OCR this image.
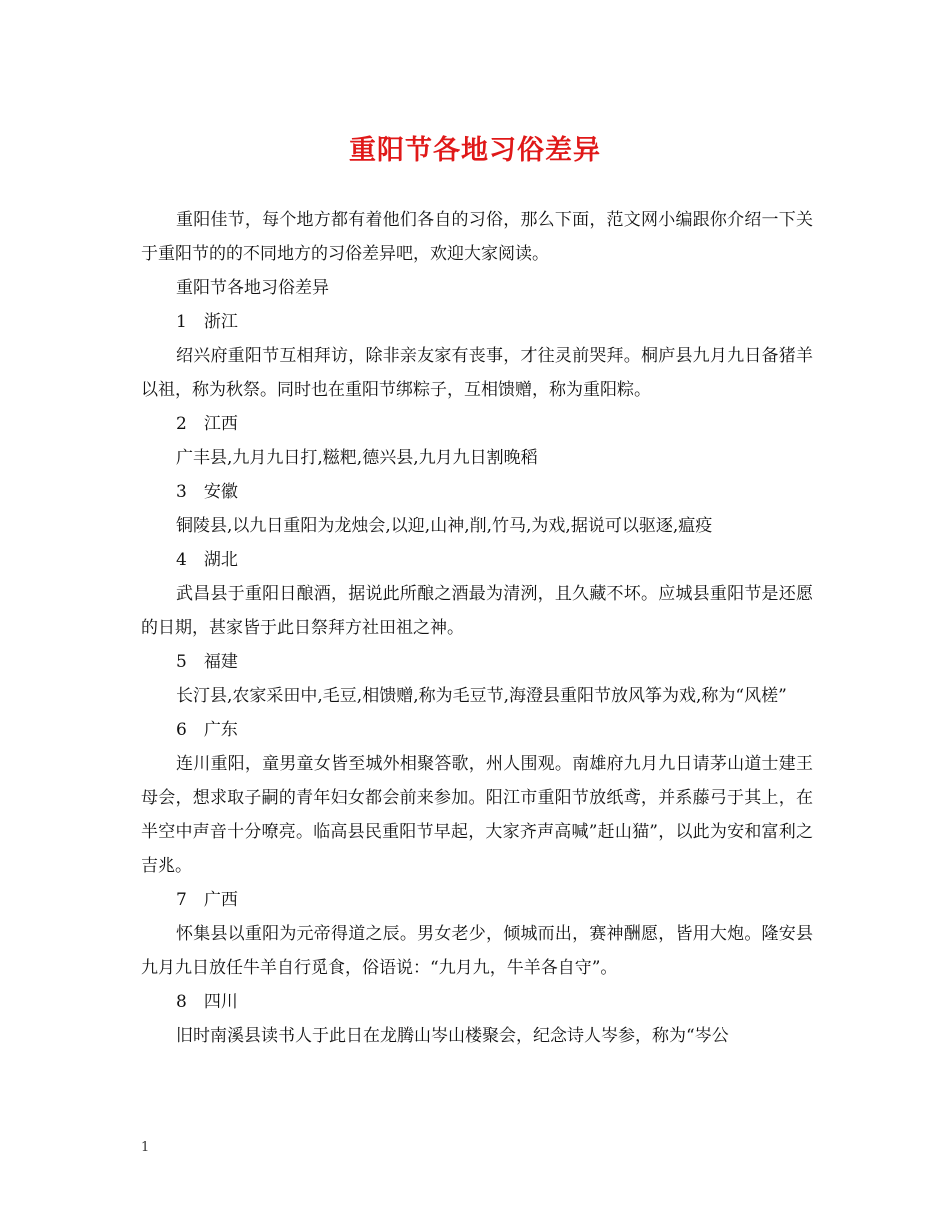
重阳节各地习俗差异

重阳佳节，每个地方都有着他们各自的习俗，那么下面，范文网小编跟你介绍一下关于重阳节的的不同地方的习俗差异吧，欢迎大家阅读。

重阳节各地习俗差异

1　浙江

绍兴府重阳节互相拜访，除非亲友家有丧事，才往灵前哭拜。桐庐县九月九日备猪羊以祖，称为秋祭。同时也在重阳节绑粽子，互相馈赠，称为重阳粽。

2　江西

广丰县,九月九日打,糍粑,德兴县,九月九日割晚稻

3　安徽

铜陵县,以九日重阳为龙烛会,以迎,山神,削,竹马,为戏,据说可以驱逐,瘟疫

4　湖北

武昌县于重阳日酿酒，据说此所酿之酒最为清洌，且久藏不坏。应城县重阳节是还愿的日期，甚家皆于此日祭拜方社田祖之神。

5　福建

长汀县,农家采田中,毛豆,相馈赠,称为毛豆节,海澄县重阳节放风筝为戏,称为“风槎”

6　广东

连川重阳，童男童女皆至城外相聚答歌，州人围观。南雄府九月九日请茅山道士建王母会，想求取子嗣的青年妇女都会前来参加。阳江市重阳节放纸鸢，并系藤弓于其上，在半空中声音十分嘹亮。临高县民重阳节早起，大家齐声高喊”赶山猫”，以此为安和富利之吉兆。

7　广西

怀集县以重阳为元帝得道之辰。男女老少，倾城而出，赛神酬愿，皆用大炮。隆安县九月九日放任牛羊自行觅食，俗语说：“九月九，牛羊各自守”。

8　四川

旧时南溪县读书人于此日在龙腾山岑山楼聚会，纪念诗人岑参，称为“岑公

1
